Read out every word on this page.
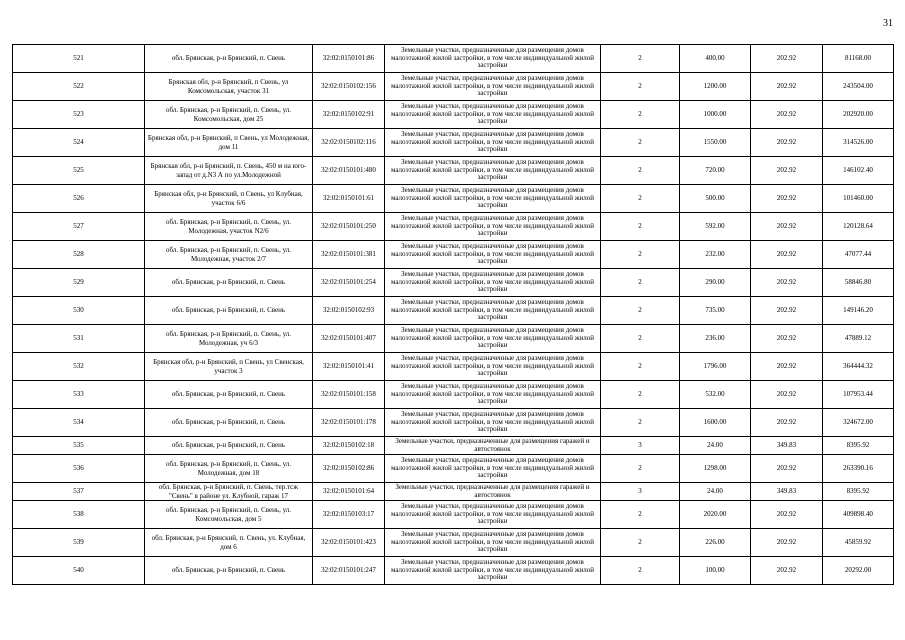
31
521	обл. Брянская, р-н Брянский, п. Свень	32:02:0150101:86	Земельные участки, предназначенные для размещения домов малоэтажной жилой застройки, в том числе индивидуальной жилой застройки	2	400.00	202.92	81168.00
522	Брянская обл, р-н Брянский, п Свень, ул Комсомольская, участок 31	32:02:0150102:156	Земельные участки, предназначенные для размещения домов малоэтажной жилой застройки, в том числе индивидуальной жилой застройки	2	1200.00	202.92	243504.00
523	обл. Брянская, р-н Брянский, п. Свень, ул. Комсомольская, дом 25	32:02:0150102:91	Земельные участки, предназначенные для размещения домов малоэтажной жилой застройки, в том числе индивидуальной жилой застройки	2	1000.00	202.92	202920.00
524	Брянская обл, р-н Брянский, п Свень, ул Молодежная, дом 11	32:02:0150102:116	Земельные участки, предназначенные для размещения домов малоэтажной жилой застройки, в том числе индивидуальной жилой застройки	2	1550.00	202.92	314526.00
525	Брянская обл, р-н Брянский, п. Свень, 450 м на юго-запад от д.N3 А по ул.Молодежной	32:02:0150101:480	Земельные участки, предназначенные для размещения домов малоэтажной жилой застройки, в том числе индивидуальной жилой застройки	2	720.00	202.92	146102.40
526	Брянская обл, р-н Брянский, п Свень, ул Клубная, участок 6/6	32:02:0150101:61	Земельные участки, предназначенные для размещения домов малоэтажной жилой застройки, в том числе индивидуальной жилой застройки	2	500.00	202.92	101460.00
527	обл. Брянская, р-н Брянский, п. Свень, ул. Молодежная, участок N2/6	32:02:0150101:250	Земельные участки, предназначенные для размещения домов малоэтажной жилой застройки, в том числе индивидуальной жилой застройки	2	592.00	202.92	120128.64
528	обл. Брянская, р-н Брянский, п. Свень, ул. Молодежная, участок 2/7	32:02:0150101:381	Земельные участки, предназначенные для размещения домов малоэтажной жилой застройки, в том числе индивидуальной жилой застройки	2	232.00	202.92	47077.44
529	обл. Брянская, р-н Брянский, п. Свень	32:02:0150101:254	Земельные участки, предназначенные для размещения домов малоэтажной жилой застройки, в том числе индивидуальной жилой застройки	2	290.00	202.92	58846.80
530	обл. Брянская, р-н Брянский, п. Свень	32:02:0150102:93	Земельные участки, предназначенные для размещения домов малоэтажной жилой застройки, в том числе индивидуальной жилой застройки	2	735.00	202.92	149146.20
531	обл. Брянская, р-н Брянский, п. Свень, ул. Молодежная, уч 6/3	32:02:0150101:407	Земельные участки, предназначенные для размещения домов малоэтажной жилой застройки, в том числе индивидуальной жилой застройки	2	236.00	202.92	47889.12
532	Брянская обл, р-н Брянский, п Свень, ул Свенская, участок 3	32:02:0150101:41	Земельные участки, предназначенные для размещения домов малоэтажной жилой застройки, в том числе индивидуальной жилой застройки	2	1796.00	202.92	364444.32
533	обл. Брянская, р-н Брянский, п. Свень	32:02:0150101:158	Земельные участки, предназначенные для размещения домов малоэтажной жилой застройки, в том числе индивидуальной жилой застройки	2	532.00	202.92	107953.44
534	обл. Брянская, р-н Брянский, п. Свень	32:02:0150101:178	Земельные участки, предназначенные для размещения домов малоэтажной жилой застройки, в том числе индивидуальной жилой застройки	2	1600.00	202.92	324672.00
535	обл. Брянская, р-н Брянский, п. Свень	32:02:0150102:18	Земельные участки, предназначенные для размещения гаражей и автостоянок	3	24.00	349.83	8395.92
536	обл. Брянская, р-н Брянский, п. Свень, ул. Молодежная, дом 18	32:02:0150102:86	Земельные участки, предназначенные для размещения домов малоэтажной жилой застройки, в том числе индивидуальной жилой застройки	2	1298.00	202.92	263390.16
537	обл. Брянская, р-н Брянский, п. Свень, тер.тсж "Свень" в районе ул. Клубной, гараж 17	32:02:0150101:64	Земельные участки, предназначенные для размещения гаражей и автостоянок	3	24.00	349.83	8395.92
538	обл. Брянская, р-н Брянский, п. Свень, ул. Комсомольская, дом 5	32:02:0150103:17	Земельные участки, предназначенные для размещения домов малоэтажной жилой застройки, в том числе индивидуальной жилой застройки	2	2020.00	202.92	409898.40
539	обл. Брянская, р-н Брянский, п. Свень, ул. Клубная, дом 6	32:02:0150101:423	Земельные участки, предназначенные для размещения домов малоэтажной жилой застройки, в том числе индивидуальной жилой застройки	2	226.00	202.92	45859.92
540	обл. Брянская, р-н Брянский, п. Свень	32:02:0150101:247	Земельные участки, предназначенные для размещения домов малоэтажной жилой застройки, в том числе индивидуальной жилой застройки	2	100.00	202.92	20292.00
